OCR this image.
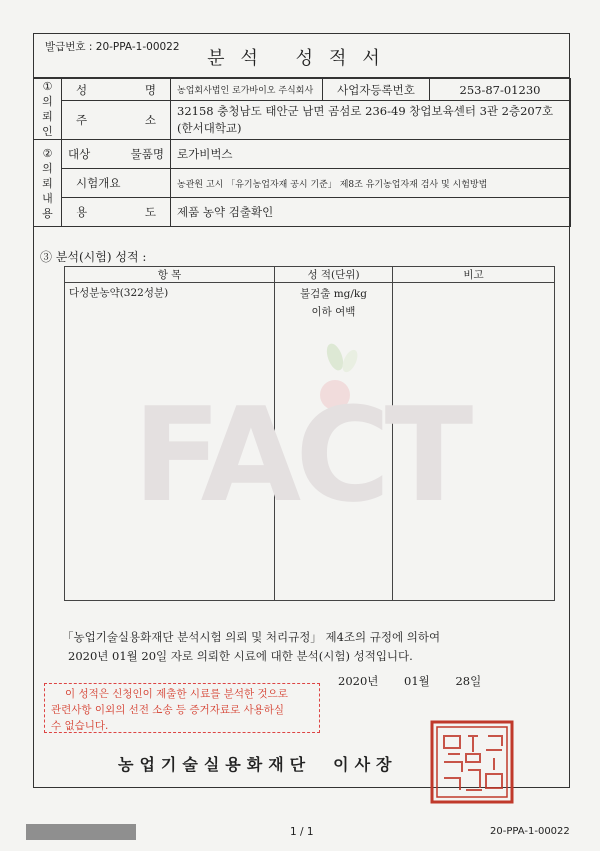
발급번호 : 20-PPA-1-00022
분석 성적서
①
의
뢰
인	성 명	농업회사법인 로가바이오 주식회사	사업자등록번호	253-87-01230
	주 소	32158 충청남도 태안군 남면 곰섬로 236-49 창업보육센터 3관 2층207호(한서대학교)		

②
의
뢰
내
용	대상 물품명	로가비벅스		
	시험개요	농관원 고시 「유기농업자재 공시 기준」 제8조 유기농업자재 검사 및 시험방법		
	용 도	제품 농약 검출확인		
③ 분석(시험) 성적 :
항 목	성 적(단위)	비고
다성분농약(322성분)	불검출 mg/kg
이하 여백	

FACT
「농업기술실용화재단 분석시험 의뢰 및 처리규정」 제4조의 규정에 의하여
2020년 01월 20일 자로 의뢰한 시료에 대한 분석(시험) 성적입니다.
2020년 01월 28일
이 성적은 신청인이 제출한 시료를 분석한 것으로
관련사항 이외의 선전 소송 등 증거자료로 사용하실
수 없습니다.
농업기술실용화재단 이사장
1 / 1	20-PPA-1-00022
